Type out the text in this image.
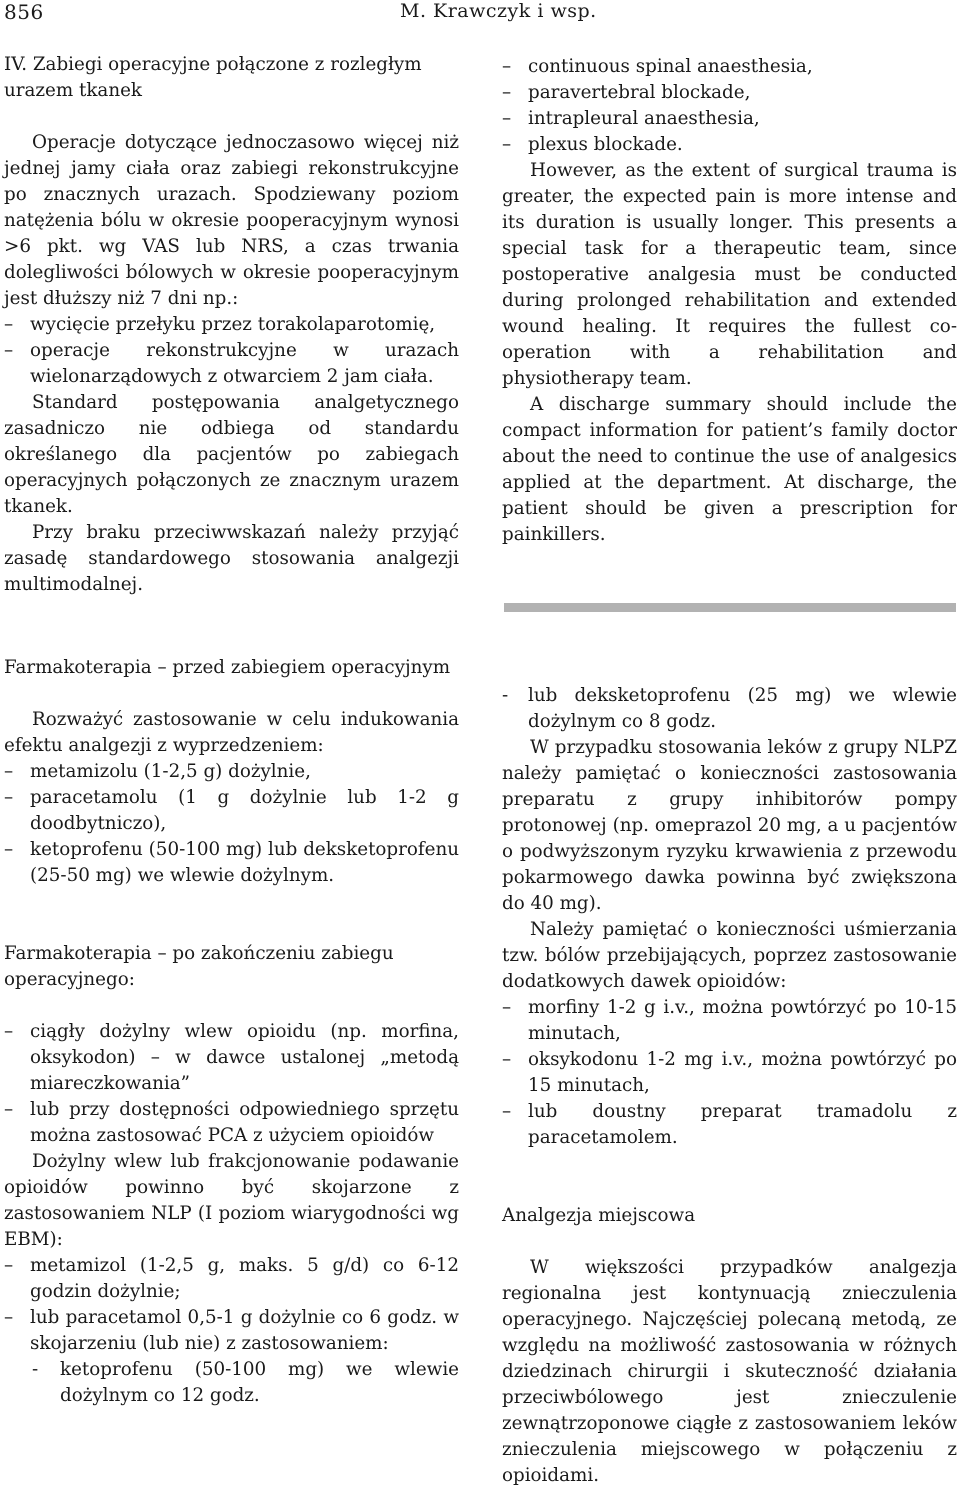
856	M. Krawczyk i wsp.

IV. Zabiegi operacyjne połączone z rozległym urazem tkanek

Operacje dotyczące jednoczasowo więcej niż jednej jamy ciała oraz zabiegi rekonstrukcyjne po znacznych urazach. Spodziewany poziom natężenia bólu w okresie pooperacyjnym wynosi >6 pkt. wg VAS lub NRS, a czas trwania dolegliwości bólowych w okresie pooperacyjnym jest dłuższy niż 7 dni np.:

– wycięcie przełyku przez torakolaparotomię,
– operacje rekonstrukcyjne w urazach wielonarządowych z otwarciem 2 jam ciała.

Standard postępowania analgetycznego zasadniczo nie odbiega od standardu określanego dla pacjentów po zabiegach operacyjnych połączonych ze znacznym urazem tkanek.

Przy braku przeciwwskazań należy przyjąć zasadę standardowego stosowania analgezji multimodalnej.

– continuous spinal anaesthesia,
– paravertebral blockade,
– intrapleural anaesthesia,
– plexus blockade.

However, as the extent of surgical trauma is greater, the expected pain is more intense and its duration is usually longer. This presents a special task for a therapeutic team, since postoperative analgesia must be conducted during prolonged rehabilitation and extended wound healing. It requires the fullest co-operation with a rehabilitation and physiotherapy team.

A discharge summary should include the compact information for patient’s family doctor about the need to continue the use of analgesics applied at the department. At discharge, the patient should be given a prescription for painkillers.

Farmakoterapia – przed zabiegiem operacyjnym

Rozważyć zastosowanie w celu indukowania efektu analgezji z wyprzedzeniem:

– metamizolu (1-2,5 g) dożylnie,
– paracetamolu (1 g dożylnie lub 1-2 g doodbytniczo),
– ketoprofenu (50-100 mg) lub deksketoprofenu (25-50 mg) we wlewie dożylnym.

Farmakoterapia – po zakończeniu zabiegu operacyjnego:

– ciągły dożylny wlew opioidu (np. morfina, oksykodon) – w dawce ustalonej „metodą miareczkowania”
– lub przy dostępności odpowiedniego sprzętu można zastosować PCA z użyciem opioidów

Dożylny wlew lub frakcjonowanie podawanie opioidów powinno być skojarzone z zastosowaniem NLP (I poziom wiarygodności wg EBM):

– metamizol (1-2,5 g, maks. 5 g/d) co 6-12 godzin dożylnie;
– lub paracetamol 0,5-1 g dożylnie co 6 godz. w skojarzeniu (lub nie) z zastosowaniem:
- ketoprofenu (50-100 mg) we wlewie dożylnym co 12 godz.
- lub deksketoprofenu (25 mg) we wlewie dożylnym co 8 godz.

W przypadku stosowania leków z grupy NLPZ należy pamiętać o konieczności zastosowania preparatu z grupy inhibitorów pompy protonowej (np. omeprazol 20 mg, a u pacjentów o podwyższonym ryzyku krwawienia z przewodu pokarmowego dawka powinna być zwiększona do 40 mg).

Należy pamiętać o konieczności uśmierzania tzw. bólów przebijających, poprzez zastosowanie dodatkowych dawek opioidów:

– morfiny 1-2 g i.v., można powtórzyć po 10-15 minutach,
– oksykodonu 1-2 mg i.v., można powtórzyć po 15 minutach,
– lub doustny preparat tramadolu z paracetamolem.

Analgezja miejscowa

W większości przypadków analgezja regionalna jest kontynuacją znieczulenia operacyjnego. Najczęściej polecaną metodą, ze względu na możliwość zastosowania w różnych dziedzinach chirurgii i skuteczność działania przeciwbólowego jest znieczulenie zewnątrzoponowe ciągłe z zastosowaniem leków znieczulenia miejscowego w połączeniu z opioidami.
